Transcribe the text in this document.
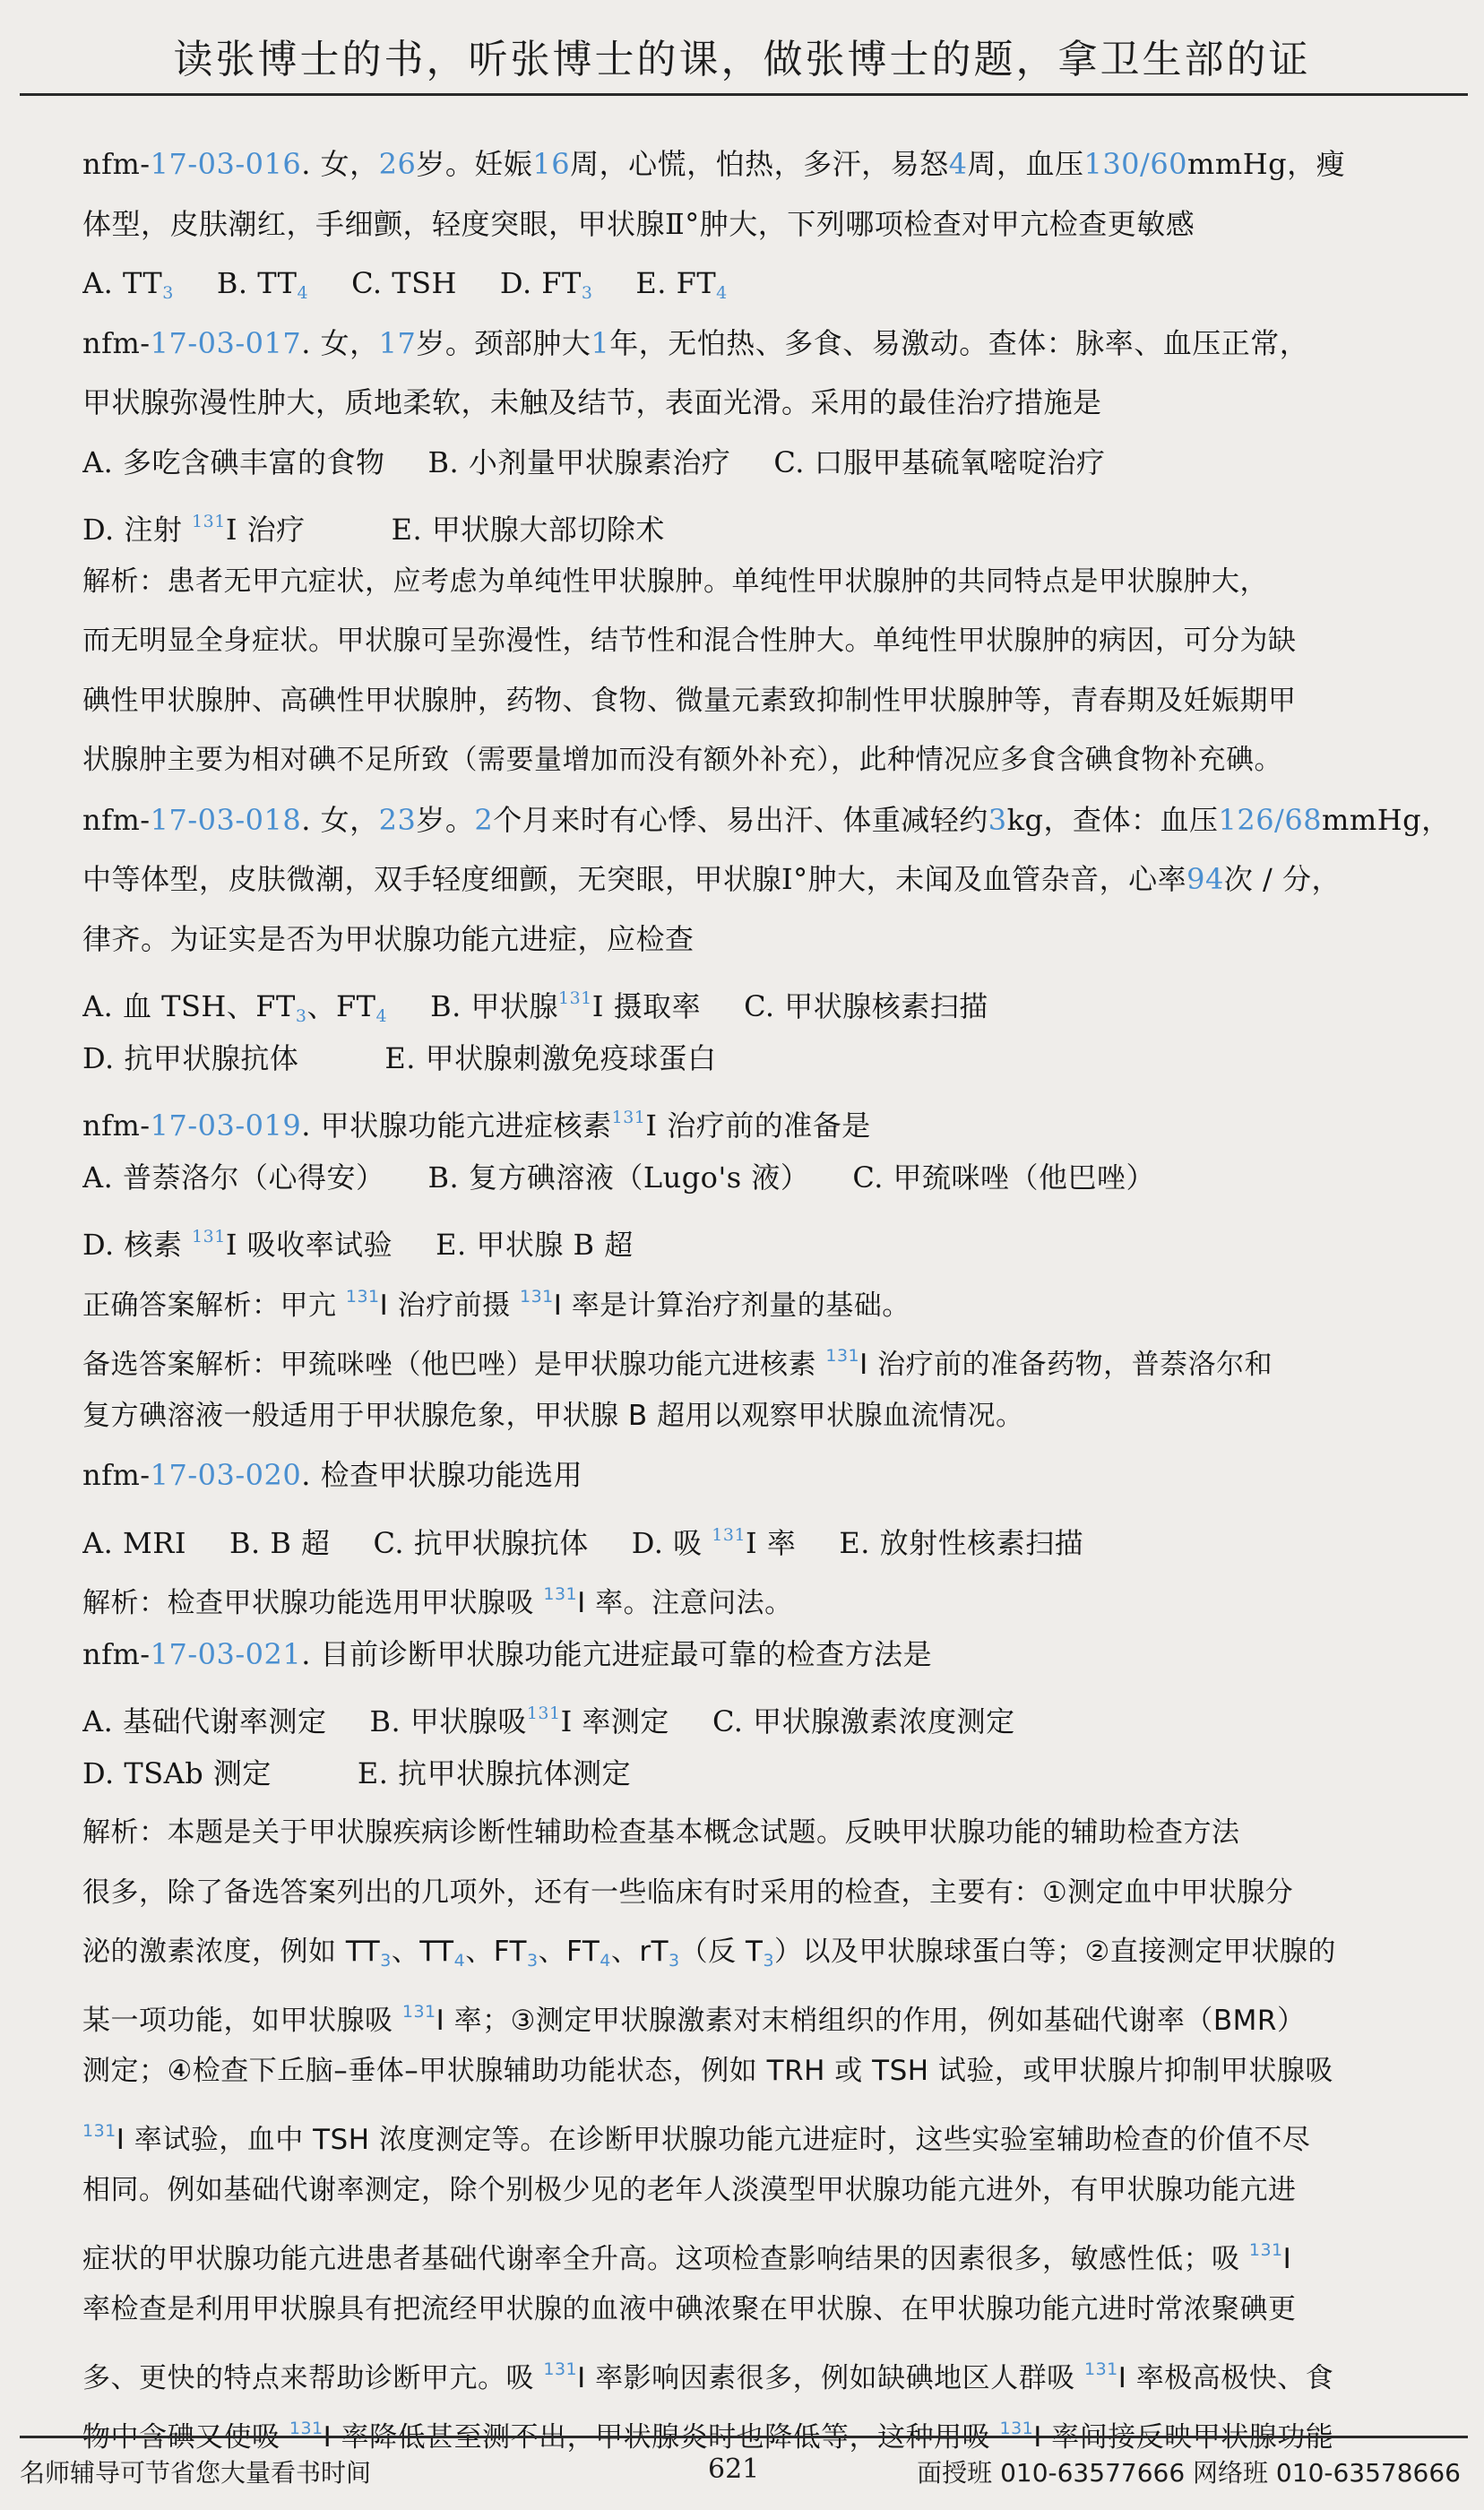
读张博士的书，听张博士的课，做张博士的题，拿卫生部的证
nfm-17-03-016. 女，26岁。妊娠16周，心慌，怕热，多汗，易怒4周，血压130/60mmHg，瘦
体型，皮肤潮红，手细颤，轻度突眼，甲状腺Ⅱ°肿大，下列哪项检查对甲亢检查更敏感
A. $TT_3$ B. $TT_4$ C. TSH D. $FT_3$ E. $FT_4$
nfm-17-03-017. 女，17岁。颈部肿大1年，无怕热、多食、易激动。查体：脉率、血压正常，
甲状腺弥漫性肿大，质地柔软，未触及结节，表面光滑。采用的最佳治疗措施是
A. 多吃含碘丰富的食物 B. 小剂量甲状腺素治疗 C. 口服甲基硫氧嘧啶治疗
D. 注射 $^{131}$I 治疗	E. 甲状腺大部切除术
解析：患者无甲亢症状，应考虑为单纯性甲状腺肿。单纯性甲状腺肿的共同特点是甲状腺肿大，
而无明显全身症状。甲状腺可呈弥漫性，结节性和混合性肿大。单纯性甲状腺肿的病因，可分为缺
碘性甲状腺肿、高碘性甲状腺肿，药物、食物、微量元素致抑制性甲状腺肿等，青春期及妊娠期甲
状腺肿主要为相对碘不足所致（需要量增加而没有额外补充），此种情况应多食含碘食物补充碘。
nfm-17-03-018. 女，23岁。2个月来时有心悸、易出汗、体重减轻约3kg，查体：血压126/68mmHg，
中等体型，皮肤微潮，双手轻度细颤，无突眼，甲状腺Ⅰ°肿大，未闻及血管杂音，心率94次 / 分，
律齐。为证实是否为甲状腺功能亢进症，应检查
A. 血 TSH、$FT_3$、$FT_4$ B. 甲状腺$^{131}$I 摄取率 C. 甲状腺核素扫描
D. 抗甲状腺抗体	E. 甲状腺刺激免疫球蛋白
nfm-17-03-019. 甲状腺功能亢进症核素$^{131}$I 治疗前的准备是
A. 普萘洛尔（心得安） B. 复方碘溶液（Lugo's 液） C. 甲巯咪唑（他巴唑）
D. 核素 $^{131}$I 吸收率试验 E. 甲状腺 B 超
正确答案解析：甲亢 $^{131}$I 治疗前摄 $^{131}$I 率是计算治疗剂量的基础。
备选答案解析：甲巯咪唑（他巴唑）是甲状腺功能亢进核素 $^{131}$I 治疗前的准备药物，普萘洛尔和
复方碘溶液一般适用于甲状腺危象，甲状腺 B 超用以观察甲状腺血流情况。
nfm-17-03-020. 检查甲状腺功能选用
A. MRI B. B 超 C. 抗甲状腺抗体 D. 吸 $^{131}$I 率 E. 放射性核素扫描
解析：检查甲状腺功能选用甲状腺吸 $^{131}$I 率。注意问法。
nfm-17-03-021. 目前诊断甲状腺功能亢进症最可靠的检查方法是
A. 基础代谢率测定 B. 甲状腺吸$^{131}$I 率测定 C. 甲状腺激素浓度测定
D. TSAb 测定	E. 抗甲状腺抗体测定
解析：本题是关于甲状腺疾病诊断性辅助检查基本概念试题。反映甲状腺功能的辅助检查方法
很多，除了备选答案列出的几项外，还有一些临床有时采用的检查，主要有：①测定血中甲状腺分
泌的激素浓度，例如 $TT_3$、$TT_4$、$FT_3$、$FT_4$、$rT_3$（反 $T_3$）以及甲状腺球蛋白等；②直接测定甲状腺的
某一项功能，如甲状腺吸 $^{131}$I 率；③测定甲状腺激素对末梢组织的作用，例如基础代谢率（BMR）
测定；④检查下丘脑–垂体–甲状腺辅助功能状态，例如 TRH 或 TSH 试验，或甲状腺片抑制甲状腺吸
$^{131}$I 率试验，血中 TSH 浓度测定等。在诊断甲状腺功能亢进症时，这些实验室辅助检查的价值不尽
相同。例如基础代谢率测定，除个别极少见的老年人淡漠型甲状腺功能亢进外，有甲状腺功能亢进
症状的甲状腺功能亢进患者基础代谢率全升高。这项检查影响结果的因素很多，敏感性低；吸 $^{131}$I
率检查是利用甲状腺具有把流经甲状腺的血液中碘浓聚在甲状腺、在甲状腺功能亢进时常浓聚碘更
多、更快的特点来帮助诊断甲亢。吸 $^{131}$I 率影响因素很多，例如缺碘地区人群吸 $^{131}$I 率极高极快、食
物中含碘又使吸 $^{131}$I 率降低甚至测不出，甲状腺炎时也降低等，这种用吸 $^{131}$I 率间接反映甲状腺功能
名师辅导可节省您大量看书时间	621	面授班 010-63577666 网络班 010-63578666
